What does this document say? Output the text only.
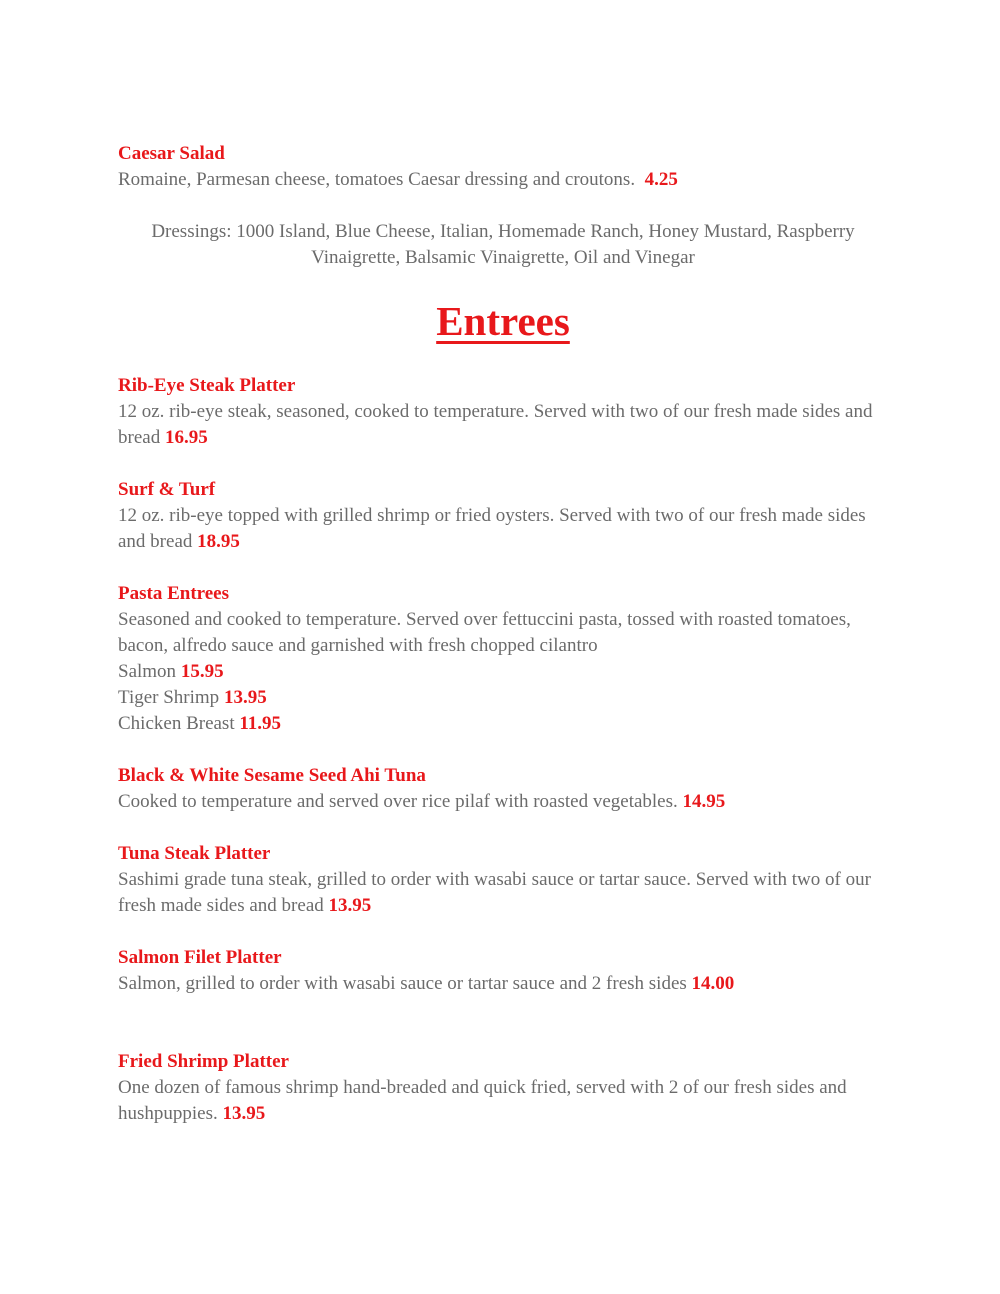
Caesar Salad
Romaine, Parmesan cheese, tomatoes Caesar dressing and croutons. 4.25
Dressings: 1000 Island, Blue Cheese, Italian, Homemade Ranch, Honey Mustard, Raspberry Vinaigrette, Balsamic Vinaigrette, Oil and Vinegar
Entrees
Rib-Eye Steak Platter
12 oz. rib-eye steak, seasoned, cooked to temperature. Served with two of our fresh made sides and bread 16.95
Surf & Turf
12 oz. rib-eye topped with grilled shrimp or fried oysters. Served with two of our fresh made sides and bread 18.95
Pasta Entrees
Seasoned and cooked to temperature. Served over fettuccini pasta, tossed with roasted tomatoes, bacon, alfredo sauce and garnished with fresh chopped cilantro
Salmon 15.95
Tiger Shrimp 13.95
Chicken Breast 11.95
Black & White Sesame Seed Ahi Tuna
Cooked to temperature and served over rice pilaf with roasted vegetables. 14.95
Tuna Steak Platter
Sashimi grade tuna steak, grilled to order with wasabi sauce or tartar sauce. Served with two of our fresh made sides and bread 13.95
Salmon Filet Platter
Salmon, grilled to order with wasabi sauce or tartar sauce and 2 fresh sides 14.00
Fried Shrimp Platter
One dozen of famous shrimp hand-breaded and quick fried, served with 2 of our fresh sides and hushpuppies. 13.95
